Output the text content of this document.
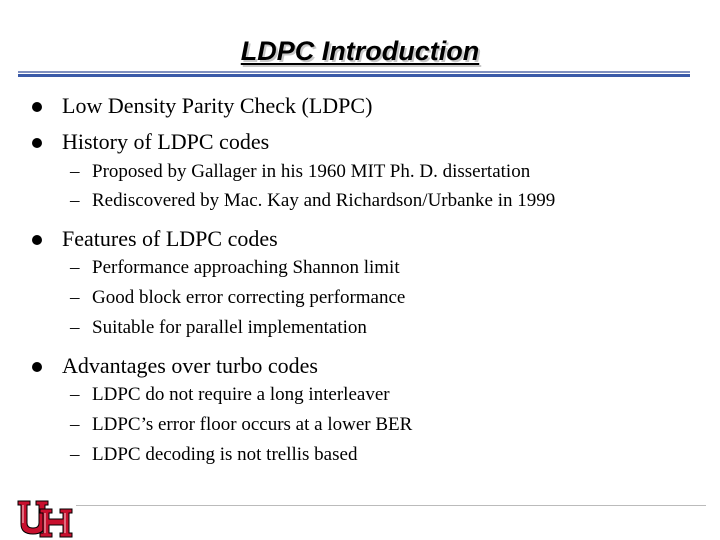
LDPC Introduction
Low Density Parity Check (LDPC)
History of LDPC codes
– Proposed by Gallager in his 1960 MIT Ph. D. dissertation
– Rediscovered by Mac. Kay and Richardson/Urbanke in 1999
Features of LDPC codes
– Performance approaching Shannon limit
– Good block error correcting performance
– Suitable for parallel implementation
Advantages over turbo codes
– LDPC do not require a long interleaver
– LDPC’s error floor occurs at a lower BER
– LDPC decoding is not trellis based
